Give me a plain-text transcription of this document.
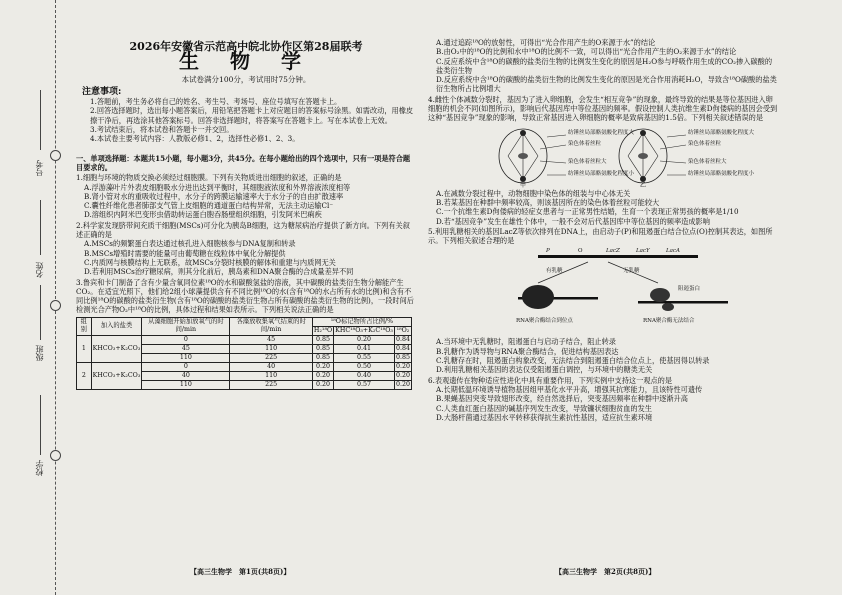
号考
名姓
级班
校学
2026年安徽省示范高中皖北协作区第28届联考
生 物 学
本试卷满分100分，考试用时75分钟。
注意事项:

1.答题前，考生务必将自己的姓名、考生号、考场号、座位号填写在答题卡上。

2.回答选择题时，选出每小题答案后，用铅笔把答题卡上对应题目的答案标号涂黑。如需改动，用橡皮擦干净后，再选涂其他答案标号。回答非选择题时，将答案写在答题卡上。写在本试卷上无效。

3.考试结束后，将本试卷和答题卡一并交回。

4.本试卷主要考试内容：人教版必修1、2，选择性必修1、2、3。

一、单项选择题：本题共15小题，每小题3分，共45分。在每小题给出的四个选项中，只有一项是符合题目要求的。

1.细胞与环境的物质交换必须经过细胞膜。下列有关物质进出细胞的叙述，正确的是

A.浮游藻叶片外表皮细胞吸水分进出达到平衡时，其细胞液浓度和外界溶液浓度相等

B.肾小管对水的重吸收过程中，水分子的跨膜运输速率大于水分子的自由扩散速率

C.囊性纤维化患者肺部支气管上皮细胞的通道蛋白结构异常，无法主动运输Cl⁻

D.溶组织内阿米巴变形虫借助转运蛋白胞吞肠壁组织细胞，引发阿米巴痢疾

2.科学家发现脐带间充质干细胞(MSCs)可分化为胰岛B细胞，这为糖尿病治疗提供了新方向。下列有关叙述正确的是

A.MSCs的频繁蛋白表达通过核孔进入细胞核参与DNA复制和转录

B.MSCs增殖时需要的能量可由葡萄糖在线粒体中氧化分解提供

C.内质网与核膜结构上无联系，故MSCs分裂时核膜的解体和重建与内质网无关

D.若利用MSCs治疗糖尿病，则其分化前后，胰岛素和DNA聚合酶的合成量差异不同

3.鲁宾和卡门制备了含有少量含氧同位素¹⁸O的水和碳酸氢盐的溶液，其中碳酸的盐类衍生物分解能产生CO₂。在适宜光照下，他们给2组小球藻提供含有不同比例¹⁸O的水(含有¹⁸O的水占所有水的比例)和含有不同比例¹⁸O的碳酸的盐类衍生物(含有¹⁸O的碳酸的盐类衍生物占所有碳酸的盐类衍生物的比例)，一段时间后检测光合产物O₂中¹⁸O的比例，具体过程和结果如表所示。下列相关说法正确的是

组别	加入的盐类	从藻细胞开始加放氧气的时间/min	各藻放收集氧气结束的时间/min	¹⁸O标记物所占比例/%		
				H₂¹⁸O	KHC¹⁸O₃+K₂C¹⁸O₃	¹⁸O₂
1	KHCO₃+K₂CO₃	0	45	0.85	0.20	0.84
		45	110	0.85	0.41	0.84
		110	225	0.85	0.55	0.85
2	KHCO₃+K₂CO₃	0	40	0.20	0.50	0.20
		40	110	0.20	0.40	0.20
		110	225	0.20	0.57	0.20

A.通过追踪¹⁸O的放射性，可得出“光合作用产生的O来源于水”的结论

B.由O₂中的¹⁸O的比例和水中¹⁸O的比例不一致，可以得出“光合作用产生的O₂来源于水”的结论

C.反应系统中含¹⁸O的碳酸的盐类衍生物的比例发生变化的原因是H₂O参与呼吸作用生成的CO₂掺入碳酸的盐类衍生物

D.反应系统中含¹⁸O的碳酸的盐类衍生物的比例发生变化的原因是光合作用消耗H₂O，导致含¹⁸O碳酸的盐类衍生物所占比例增大

4.雌性个体减数分裂时，基因为了进入卵细胞，会发生“相互竞争”的现象，最终导致的结果是等位基因进入卵细胞的机会不同(如图所示)，影响后代基因库中等位基因的频率。假设控制人类抗维生素D佝偻病的基因会受到这种“基因竞争”现象的影响，导致正常基因进入卵细胞的概率是致病基因的1.5倍。下列相关叙述错误的是

纺锤丝局部酪氨酸化程度大
染色体着丝粒
染色体着丝粒大
纺锤丝局部酪氨酸化程度小
纺锤丝局部酪氨酸化程度大
染色体着丝粒
染色体着丝粒大
纺锤丝局部酪氨酸化程度小
甲	乙

A.在减数分裂过程中，动物细胞中染色体的组装与中心体无关

B.若某基因在种群中频率较高，则该基因所在的染色体着丝粒可能较大

C.一个抗维生素D佝偻病的轻症女患者与一正常男性结婚，生育一个表现正常男孩的概率是1/10

D.若“基因竞争”发生在雄性个体中，一般不会对后代基因库中等位基因的频率造成影响

5.利用乳糖相关的基因LacZ等依次排列在DNA上，由启动子(P)和阻遏蛋白结合位点(O)控制其表达，如图所示。下列相关叙述合理的是

P	O	LacZ	LacY	LacA
有乳糖	无乳糖
阻遏蛋白
RNA聚合酶结合到位点	RNA聚合酶无法结合

A.当环境中无乳糖时，阻遏蛋白与启动子结合，阻止转录

B.乳糖作为诱导物与RNA聚合酶结合，促进结构基因表达

C.乳糖存在时，阻遏蛋白构象改变，无法结合到阻遏蛋白结合位点上，使基因得以转录

D.利用乳糖相关基因的表达仅受阻遏蛋白调控，与环境中的糖类无关

6.表观遗传在物种适应性进化中具有重要作用，下列实例中支持这一观点的是

A.长期低温环境诱导植物基因组甲基化水平升高，增强其抗寒能力，且该特性可遗传

B.果蝇基因突变导致翅形改变，经自然选择后，突变基因频率在种群中逐渐升高

C.人类血红蛋白基因的碱基序列发生改变，导致镰状细胞贫血的发生

D.大肠杆菌通过基因水平转移获得抗生素抗性基因，适应抗生素环境

【高三生物学　第1页(共8页)】	【高三生物学　第2页(共8页)】
